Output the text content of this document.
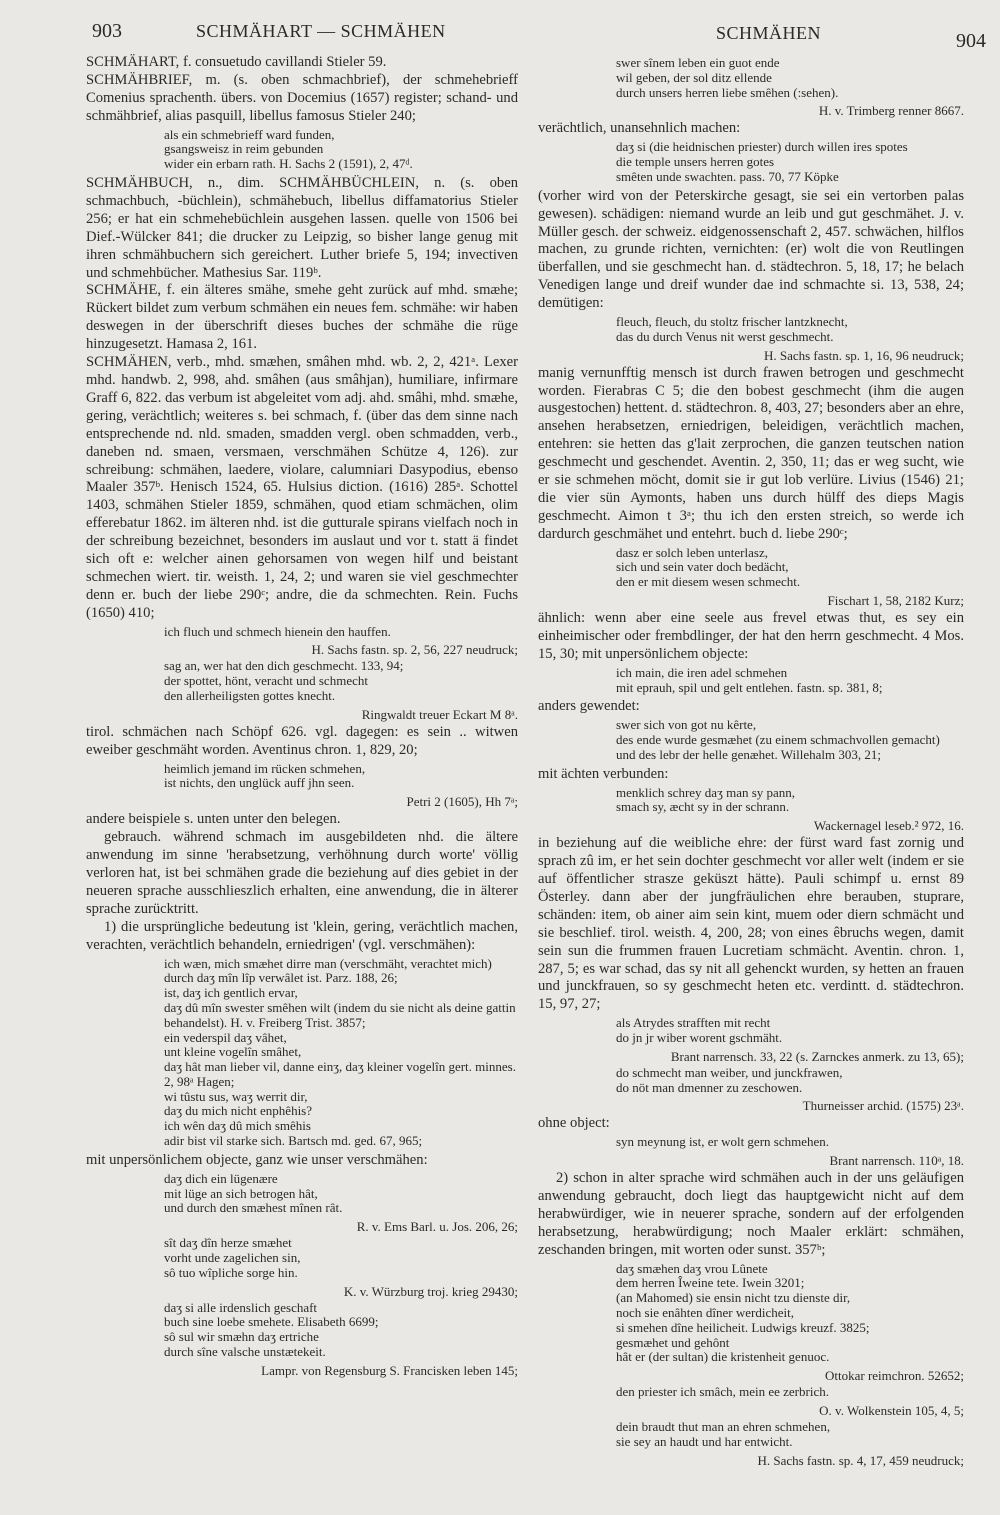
903	SCHMÄHART — SCHMÄHEN	SCHMÄHEN	904

SCHMÄHART, f. consuetudo cavillandi Stieler 59.

SCHMÄHBRIEF, m. (s. oben schmachbrief), der schmehebrieff Comenius sprachenth. übers. von Docemius (1657) register; schand- und schmähbrief, alias pasquill, libellus famosus Stieler 240;

als ein schmebrieff ward funden,
gsangsweisz in reim gebunden
wider ein erbarn rath. H. Sachs 2 (1591), 2, 47ᵈ.

SCHMÄHBUCH, n., dim. SCHMÄHBÜCHLEIN, n. (s. oben schmachbuch, -büchlein), schmähebuch, libellus diffamatorius Stieler 256; er hat ein schmehebüchlein ausgehen lassen. quelle von 1506 bei Dief.-Wülcker 841; die drucker zu Leipzig, so bisher lange genug mit ihren schmähbuchern sich gereichert. Luther briefe 5, 194; invectiven und schmehbücher. Mathesius Sar. 119ᵇ.

SCHMÄHE, f. ein älteres smähe, smehe geht zurück auf mhd. smæhe; Rückert bildet zum verbum schmähen ein neues fem. schmähe: wir haben deswegen in der überschrift dieses buches der schmähe die rüge hinzugesetzt. Hamasa 2, 161.

SCHMÄHEN, verb., mhd. smæhen, smâhen mhd. wb. 2, 2, 421ᵃ. Lexer mhd. handwb. 2, 998, ahd. smâhen (aus smâhjan), humiliare, infirmare Graff 6, 822. das verbum ist abgeleitet vom adj. ahd. smâhi, mhd. smæhe, gering, verächtlich; weiteres s. bei schmach, f. (über das dem sinne nach entsprechende nd. nld. smaden, smadden vergl. oben schmadden, verb., daneben nd. smaen, versmaen, verschmähen Schütze 4, 126). zur schreibung: schmähen, laedere, violare, calumniari Dasypodius, ebenso Maaler 357ᵇ. Henisch 1524, 65. Hulsius diction. (1616) 285ᵃ. Schottel 1403, schmähen Stieler 1859, schmähen, quod etiam schmächen, olim efferebatur 1862. im älteren nhd. ist die gutturale spirans vielfach noch in der schreibung bezeichnet, besonders im auslaut und vor t. statt ä findet sich oft e: welcher ainen gehorsamen von wegen hilf und beistant schmechen wiert. tir. weisth. 1, 24, 2; und waren sie viel geschmechter denn er. buch der liebe 290ᶜ; andre, die da schmechten. Rein. Fuchs (1650) 410;

ich fluch und schmech hienein den hauffen.
H. Sachs fastn. sp. 2, 56, 227 neudruck;
sag an, wer hat den dich geschmecht. 133, 94;
der spottet, hönt, veracht und schmecht
den allerheiligsten gottes knecht.
Ringwaldt treuer Eckart M 8ᵃ.

tirol. schmächen nach Schöpf 626. vgl. dagegen: es sein .. witwen eweiber geschmäht worden. Aventinus chron. 1, 829, 20;

heimlich jemand im rücken schmehen,
ist nichts, den unglück auff jhn seen.
Petri 2 (1605), Hh 7ᵃ;

andere beispiele s. unten unter den belegen.

gebrauch. während schmach im ausgebildeten nhd. die ältere anwendung im sinne 'herabsetzung, verhöhnung durch worte' völlig verloren hat, ist bei schmähen grade die beziehung auf dies gebiet in der neueren sprache ausschlieszlich erhalten, eine anwendung, die in älterer sprache zurücktritt.

1) die ursprüngliche bedeutung ist 'klein, gering, verächtlich machen, verachten, verächtlich behandeln, erniedrigen' (vgl. verschmähen):

ich wæn, mich smæhet dirre man (verschmäht, verachtet mich)
durch daʒ mîn lîp verwâlet ist. Parz. 188, 26;
ist, daʒ ich gentlich ervar,
daʒ dû mîn swester smêhen wilt (indem du sie nicht als deine gattin behandelst). H. v. Freiberg Trist. 3857;
ein vederspil daʒ vâhet,
unt kleine vogelîn smâhet,
daʒ hât man lieber vil, danne einʒ, daʒ kleiner vogelîn gert. minnes. 2, 98ᵃ Hagen;
wi tûstu sus, waʒ werrit dir,
daʒ du mich nicht enphêhis?
ich wên daʒ dû mich smêhis
adir bist vil starke sich. Bartsch md. ged. 67, 965;

mit unpersönlichem objecte, ganz wie unser verschmähen:

daʒ dich ein lügenære
mit lüge an sich betrogen hât,
und durch den smæhest mînen rât.
R. v. Ems Barl. u. Jos. 206, 26;
sît daʒ dîn herze smæhet
vorht unde zagelichen sin,
sô tuo wîpliche sorge hin.
K. v. Würzburg troj. krieg 29430;
daʒ si alle irdenslich geschaft
buch sine loebe smehete. Elisabeth 6699;
sô sul wir smæhn daʒ ertriche
durch sîne valsche unstætekeit.
Lampr. von Regensburg S. Francisken leben 145;
swer sînem leben ein guot ende
wil geben, der sol ditz ellende
durch unsers herren liebe smêhen (:sehen).
H. v. Trimberg renner 8667.

verächtlich, unansehnlich machen:

daʒ si (die heidnischen priester) durch willen ires spotes
die temple unsers herren gotes
smêten unde swachten. pass. 70, 77 Köpke

(vorher wird von der Peterskirche gesagt, sie sei ein vertorben palas gewesen). schädigen: niemand wurde an leib und gut geschmähet. J. v. Müller gesch. der schweiz. eidgenossenschaft 2, 457. schwächen, hilflos machen, zu grunde richten, vernichten: (er) wolt die von Reutlingen überfallen, und sie geschmecht han. d. städtechron. 5, 18, 17; he belach Venedigen lange und dreif wunder dae ind schmachte si. 13, 538, 24; demütigen:

fleuch, fleuch, du stoltz frischer lantzknecht,
das du durch Venus nit werst geschmecht.
H. Sachs fastn. sp. 1, 16, 96 neudruck;

manig vernunfftig mensch ist durch frawen betrogen und geschmecht worden. Fierabras C 5; die den bobest geschmecht (ihm die augen ausgestochen) hettent. d. städtechron. 8, 403, 27; besonders aber an ehre, ansehen herabsetzen, erniedrigen, beleidigen, verächtlich machen, entehren: sie hetten das g'lait zerprochen, die ganzen teutschen nation geschmecht und geschendet. Aventin. 2, 350, 11; das er weg sucht, wie er sie schmehen möcht, domit sie ir gut lob verlüre. Livius (1546) 21; die vier sün Aymonts, haben uns durch hülff des dieps Magis geschmecht. Aimon t 3ᵃ; thu ich den ersten streich, so werde ich dardurch geschmähet und entehrt. buch d. liebe 290ᶜ;

dasz er solch leben unterlasz,
sich und sein vater doch bedächt,
den er mit diesem wesen schmecht.
Fischart 1, 58, 2182 Kurz;

ähnlich: wenn aber eine seele aus frevel etwas thut, es sey ein einheimischer oder frembdlinger, der hat den herrn geschmecht. 4 Mos. 15, 30; mit unpersönlichem objecte:

ich main, die iren adel schmehen
mit eprauh, spil und gelt entlehen. fastn. sp. 381, 8;

anders gewendet:

swer sich von got nu kêrte,
des ende wurde gesmæhet (zu einem schmachvollen gemacht)
und des lebr der helle genæhet. Willehalm 303, 21;

mit ächten verbunden:

menklich schrey daʒ man sy pann,
smach sy, æcht sy in der schrann.
Wackernagel leseb.² 972, 16.

in beziehung auf die weibliche ehre: der fürst ward fast zornig und sprach zû im, er het sein dochter geschmecht vor aller welt (indem er sie auf öffentlicher strasze geküszt hätte). Pauli schimpf u. ernst 89 Österley. dann aber der jungfräulichen ehre berauben, stuprare, schänden: item, ob ainer aim sein kint, muem oder diern schmächt und sie beschlief. tirol. weisth. 4, 200, 28; von eines êbruchs wegen, damit sein sun die frummen frauen Lucretiam schmächt. Aventin. chron. 1, 287, 5; es war schad, das sy nit all gehenckt wurden, sy hetten an frauen und junckfrauen, so sy geschmecht heten etc. verdintt. d. städtechron. 15, 97, 27;

als Atrydes strafften mit recht
do jn jr wiber worent gschmäht.
Brant narrensch. 33, 22 (s. Zarnckes anmerk. zu 13, 65);
do schmecht man weiber, und junckfrawen,
do nöt man dmenner zu zeschowen.
Thurneisser archid. (1575) 23ᵃ.

ohne object:

syn meynung ist, er wolt gern schmehen.
Brant narrensch. 110ᵃ, 18.

2) schon in alter sprache wird schmähen auch in der uns geläufigen anwendung gebraucht, doch liegt das hauptgewicht nicht auf dem herabwürdiger, wie in neuerer sprache, sondern auf der erfolgenden herabsetzung, herabwürdigung; noch Maaler erklärt: schmähen, zeschanden bringen, mit worten oder sunst. 357ᵇ;

daʒ smæhen daʒ vrou Lûnete
dem herren Îweine tete. Iwein 3201;
(an Mahomed) sie ensin nicht tzu dienste dir,
noch sie enâhten dîner werdicheit,
si smehen dîne heilicheit. Ludwigs kreuzf. 3825;
gesmæhet und gehônt
hât er (der sultan) die kristenheit genuoc.
Ottokar reimchron. 52652;
den priester ich smâch, mein ee zerbrich.
O. v. Wolkenstein 105, 4, 5;
dein braudt thut man an ehren schmehen,
sie sey an haudt und har entwicht.
H. Sachs fastn. sp. 4, 17, 459 neudruck;
